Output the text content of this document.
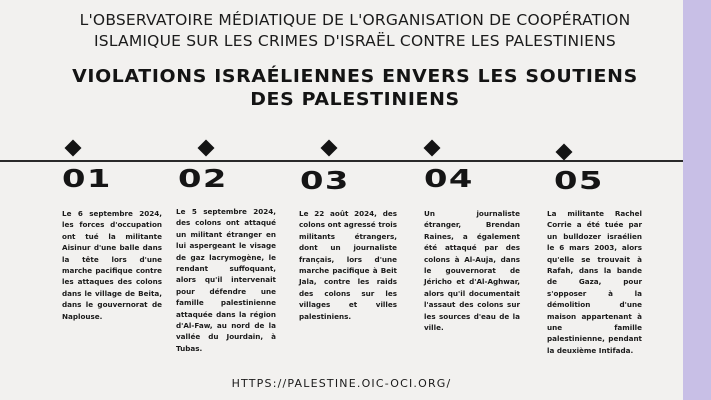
L'OBSERVATOIRE MÉDIATIQUE DE L'ORGANISATION DE COOPÉRATION
ISLAMIQUE SUR LES CRIMES D'ISRAËL CONTRE LES PALESTINIENS
VIOLATIONS ISRAÉLIENNES ENVERS LES SOUTIENS
DES PALESTINIENS
01
Le 6 septembre 2024, les forces d'occupation ont tué la militante Aisinur d'une balle dans la tête lors d'une marche pacifique contre les attaques des colons dans le village de Beita, dans le gouvernorat de Naplouse.
02
Le 5 septembre 2024, des colons ont attaqué un militant étranger en lui aspergeant le visage de gaz lacrymogène, le rendant suffoquant, alors qu'il intervenait pour défendre une famille palestinienne attaquée dans la région d'Al-Faw, au nord de la vallée du Jourdain, à Tubas.
03
Le 22 août 2024, des colons ont agressé trois militants étrangers, dont un journaliste français, lors d'une marche pacifique à Beit Jala, contre les raids des colons sur les villages et villes palestiniens.
04
Un journaliste étranger, Brendan Raines, a également été attaqué par des colons à Al-Auja, dans le gouvernorat de Jéricho et d'Al-Aghwar, alors qu'il documentait l'assaut des colons sur les sources d'eau de la ville.
05
La militante Rachel Corrie a été tuée par un bulldozer israélien le 6 mars 2003, alors qu'elle se trouvait à Rafah, dans la bande de Gaza, pour s'opposer à la démolition d'une maison appartenant à une famille palestinienne, pendant la deuxième Intifada.
HTTPS://PALESTINE.OIC-OCI.ORG/
